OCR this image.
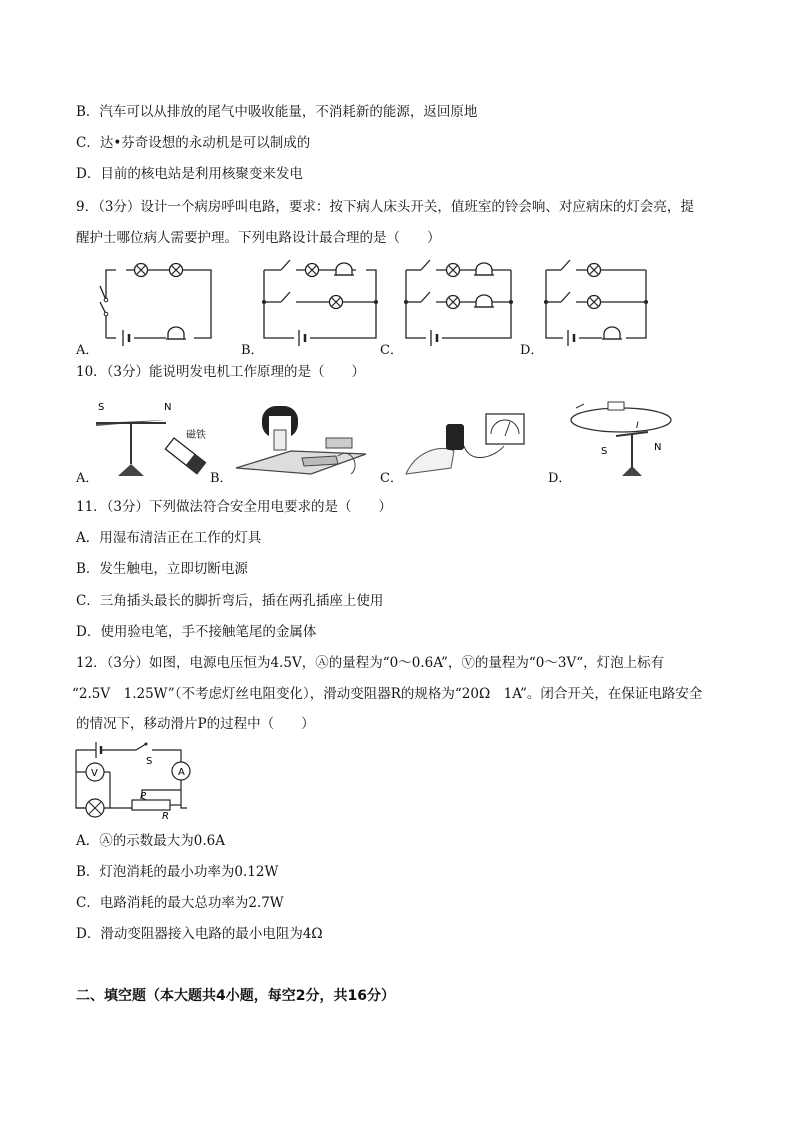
B．汽车可以从排放的尾气中吸收能量，不消耗新的能源，返回原地
C．达•芬奇设想的永动机是可以制成的
D．目前的核电站是利用核聚变来发电
9．（3分）设计一个病房呼叫电路，要求：按下病人床头开关，值班室的铃会响、对应病床的灯会亮，提
醒护士哪位病人需要护理。下列电路设计最合理的是（　　）
A．	B．	C．	D．
10．（3分）能说明发电机工作原理的是（　　）
S	N
磁铁
S	N
I
A．	B．	C．	D．
11．（3分）下列做法符合安全用电要求的是（　　）
A．用湿布清洁正在工作的灯具
B．发生触电，立即切断电源
C．三角插头最长的脚折弯后，插在两孔插座上使用
D．使用验电笔，手不接触笔尾的金属体
12．（3分）如图，电源电压恒为4.5V，Ⓐ的量程为“0～0.6A”，Ⓥ的量程为“0～3V“，灯泡上标有
“2.5V　1.25W”（不考虑灯丝电阻变化），滑动变阻器R的规格为“20Ω　1A”。闭合开关，在保证电路安全
的情况下，移动滑片P的过程中（　　）
A
V
S
P
R
A．Ⓐ的示数最大为0.6A
B．灯泡消耗的最小功率为0.12W
C．电路消耗的最大总功率为2.7W
D．滑动变阻器接入电路的最小电阻为4Ω
二、填空题（本大题共4小题，每空2分，共16分）
